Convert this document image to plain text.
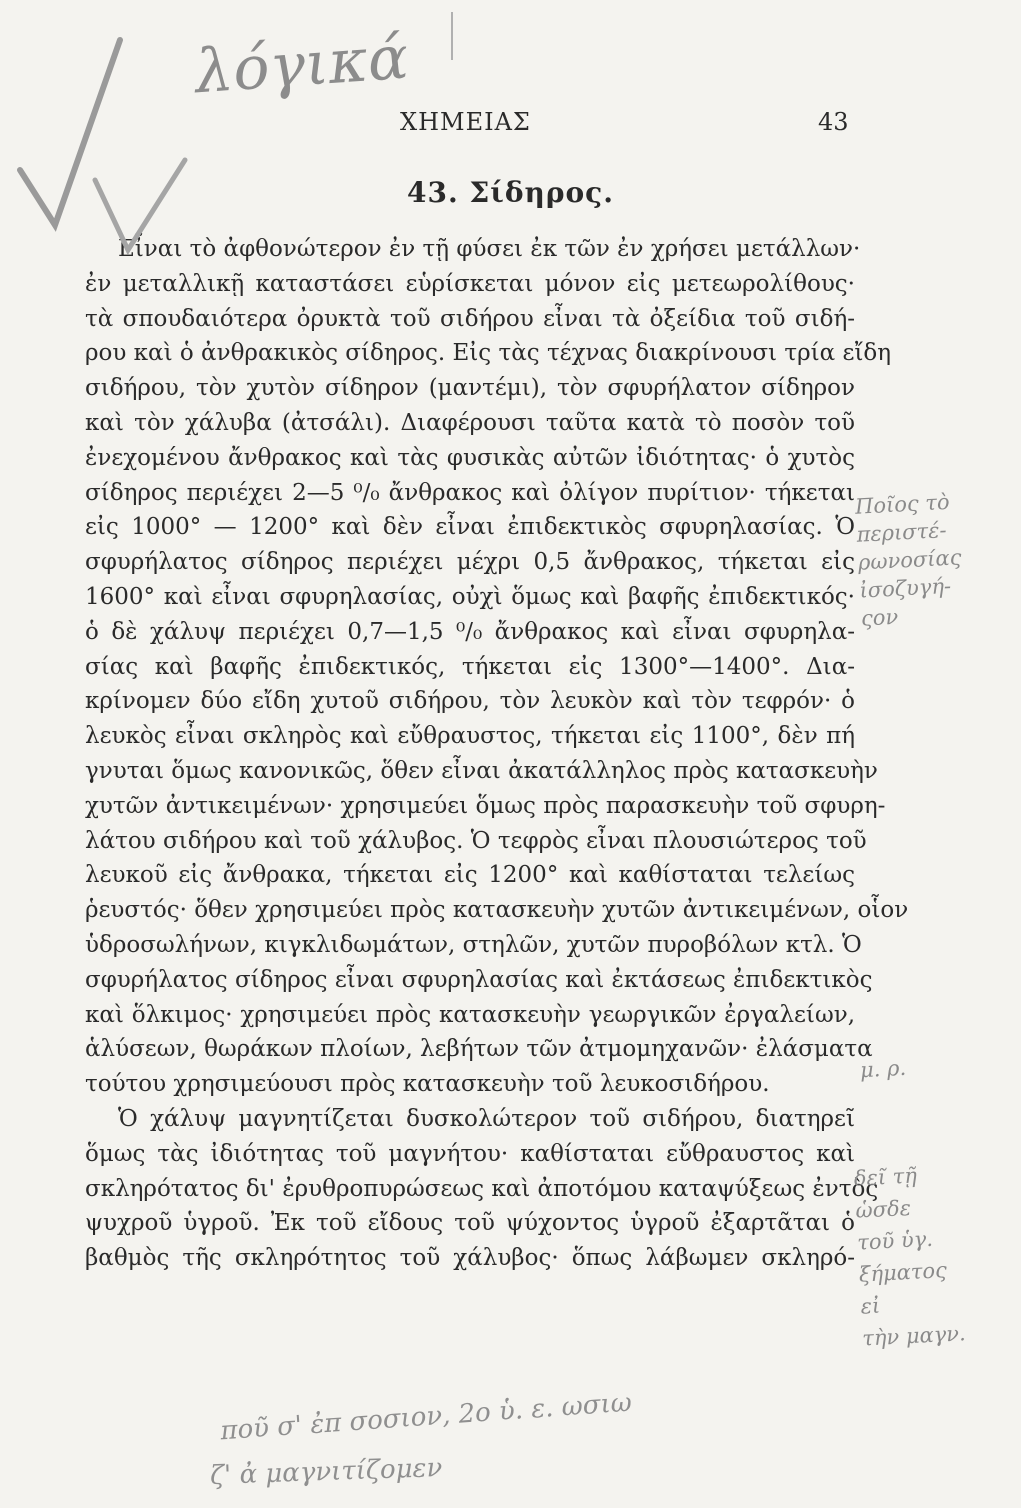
ΧΗΜΕΙΑΣ	43
43. Σίδηρος.
Εἶναι τὸ ἀφθονώτερον ἐν τῇ φύσει ἐκ τῶν ἐν χρήσει μετάλλων·
ἐν μεταλλικῇ καταστάσει εὑρίσκεται μόνον εἰς μετεωρολίθους·
τὰ σπουδαιότερα ὀρυκτὰ τοῦ σιδήρου εἶναι τὰ ὀξείδια τοῦ σιδή-
ρου καὶ ὁ ἀνθρακικὸς σίδηρος. Εἰς τὰς τέχνας διακρίνουσι τρία εἴδη
σιδήρου, τὸν χυτὸν σίδηρον (μαντέμι), τὸν σφυρήλατον σίδηρον
καὶ τὸν χάλυβα (ἀτσάλι). Διαφέρουσι ταῦτα κατὰ τὸ ποσὸν τοῦ
ἐνεχομένου ἄνθρακος καὶ τὰς φυσικὰς αὐτῶν ἰδιότητας· ὁ χυτὸς
σίδηρος περιέχει 2—5 ⁰/₀ ἄνθρακος καὶ ὀλίγον πυρίτιον· τήκεται
εἰς 1000° — 1200° καὶ δὲν εἶναι ἐπιδεκτικὸς σφυρηλασίας. Ὁ
σφυρήλατος σίδηρος περιέχει μέχρι 0,5 ἄνθρακος, τήκεται εἰς
1600° καὶ εἶναι σφυρηλασίας, οὐχὶ ὅμως καὶ βαφῆς ἐπιδεκτικός·
ὁ δὲ χάλυψ περιέχει 0,7—1,5 ⁰/₀ ἄνθρακος καὶ εἶναι σφυρηλα-
σίας καὶ βαφῆς ἐπιδεκτικός, τήκεται εἰς 1300°—1400°. Δια-
κρίνομεν δύο εἴδη χυτοῦ σιδήρου, τὸν λευκὸν καὶ τὸν τεφρόν· ὁ
λευκὸς εἶναι σκληρὸς καὶ εὔθραυστος, τήκεται εἰς 1100°, δὲν πή
γνυται ὅμως κανονικῶς, ὅθεν εἶναι ἀκατάλληλος πρὸς κατασκευὴν
χυτῶν ἀντικειμένων· χρησιμεύει ὅμως πρὸς παρασκευὴν τοῦ σφυρη-
λάτου σιδήρου καὶ τοῦ χάλυβος. Ὁ τεφρὸς εἶναι πλουσιώτερος τοῦ
λευκοῦ εἰς ἄνθρακα, τήκεται εἰς 1200° καὶ καθίσταται τελείως
ῥευστός· ὅθεν χρησιμεύει πρὸς κατασκευὴν χυτῶν ἀντικειμένων, οἷον
ὑδροσωλήνων, κιγκλιδωμάτων, στηλῶν, χυτῶν πυροβόλων κτλ. Ὁ
σφυρήλατος σίδηρος εἶναι σφυρηλασίας καὶ ἐκτάσεως ἐπιδεκτικὸς
καὶ ὅλκιμος· χρησιμεύει πρὸς κατασκευὴν γεωργικῶν ἐργαλείων,
ἁλύσεων, θωράκων πλοίων, λεβήτων τῶν ἀτμομηχανῶν· ἐλάσματα
τούτου χρησιμεύουσι πρὸς κατασκευὴν τοῦ λευκοσιδήρου.
Ὁ χάλυψ μαγνητίζεται δυσκολώτερον τοῦ σιδήρου, διατηρεῖ
ὅμως τὰς ἰδιότητας τοῦ μαγνήτου· καθίσταται εὔθραυστος καὶ
σκληρότατος δι' ἐρυθροπυρώσεως καὶ ἀποτόμου καταψύξεως ἐντὸς
ψυχροῦ ὑγροῦ. Ἐκ τοῦ εἴδους τοῦ ψύχοντος ὑγροῦ ἐξαρτᾶται ὁ
βαθμὸς τῆς σκληρότητος τοῦ χάλυβος· ὅπως λάβωμεν σκληρό-
λόγικά
Ποῖος τὸ
περιστέ-
ρωνοσίας
ἰσοζυγή-
ςον
μ. ρ.
δεῖ τῇ
ὡσδε
τοῦ ὑγ.
ξήματος
εἰ
τὴν μαγν.
ποῦ σ' ἐπ σοσιον, 2ο ὑ. ε. ωσιω
ζ' ἀ μαγνιτίζομεν
